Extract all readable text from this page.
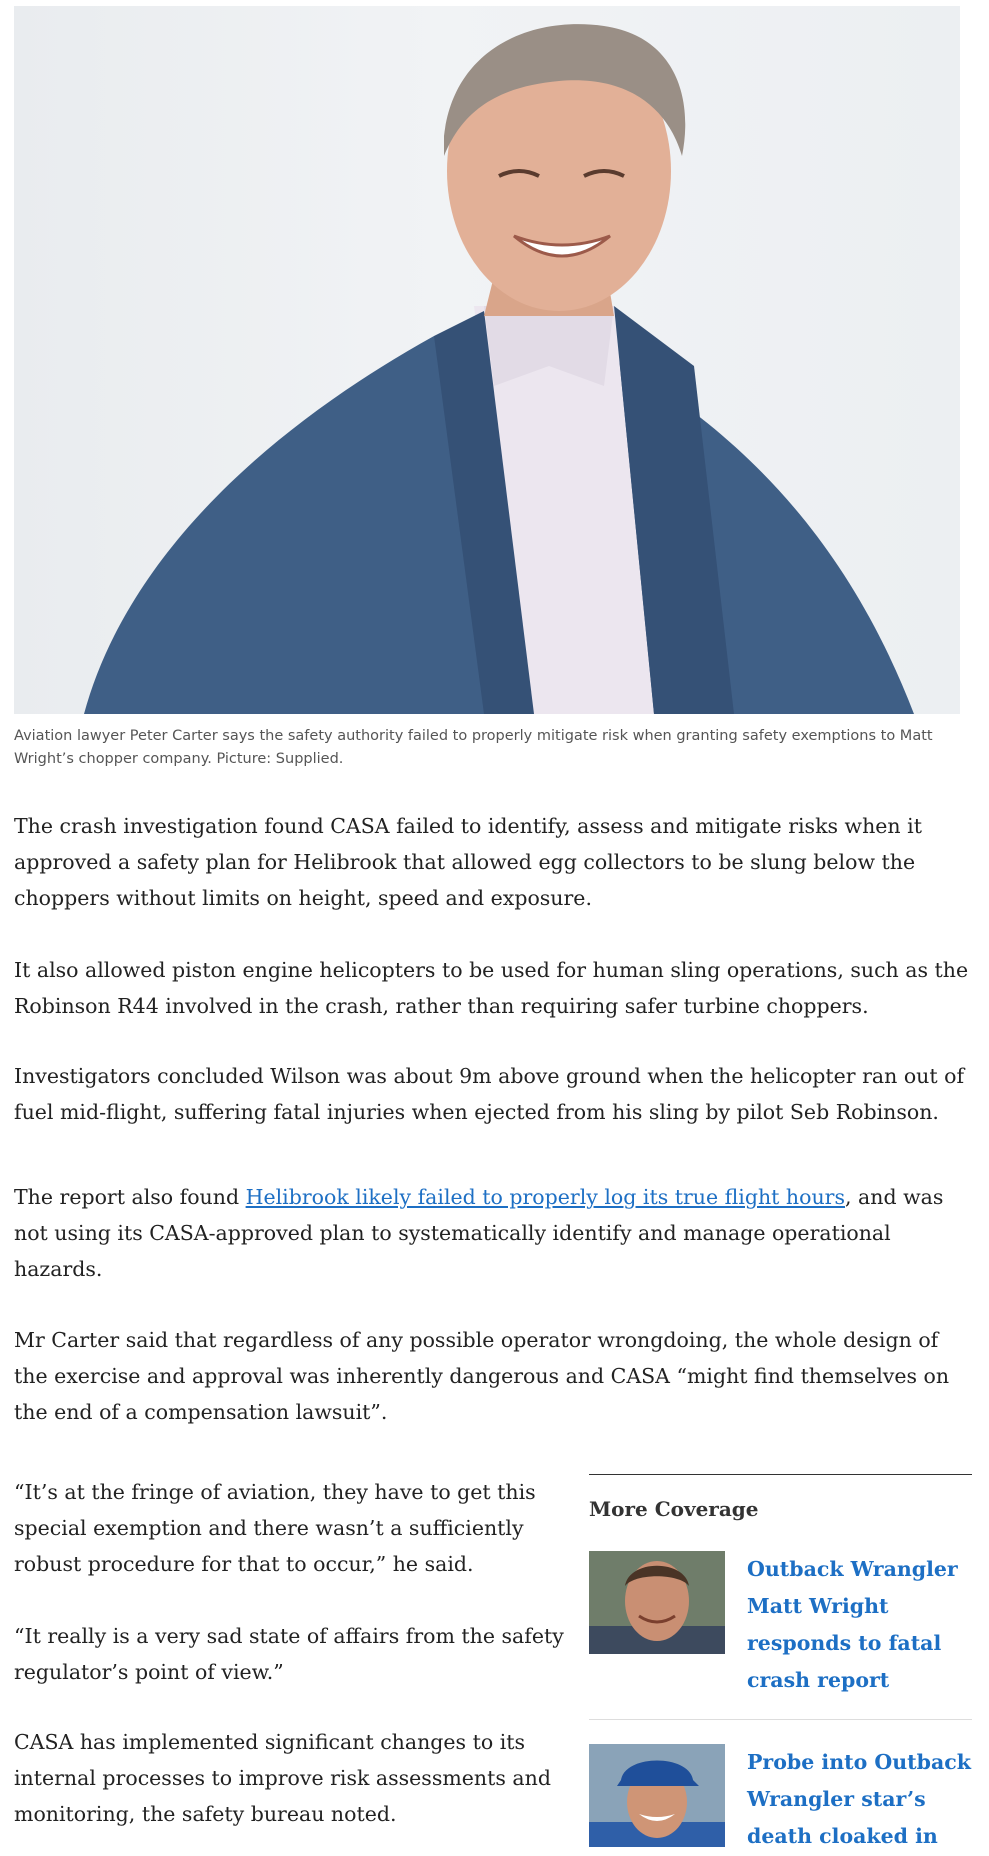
Aviation lawyer Peter Carter says the safety authority failed to properly mitigate risk when granting safety exemptions to Matt Wright’s chopper company. Picture: Supplied.

The crash investigation found CASA failed to identify, assess and mitigate risks when it approved a safety plan for Helibrook that allowed egg collectors to be slung below the choppers without limits on height, speed and exposure.

It also allowed piston engine helicopters to be used for human sling operations, such as the Robinson R44 involved in the crash, rather than requiring safer turbine choppers.

Investigators concluded Wilson was about 9m above ground when the helicopter ran out of fuel mid-flight, suffering fatal injuries when ejected from his sling by pilot Seb Robinson.

The report also found Helibrook likely failed to properly log its true flight hours, and was not using its CASA-approved plan to systematically identify and manage operational hazards.

Mr Carter said that regardless of any possible operator wrongdoing, the whole design of the exercise and approval was inherently dangerous and CASA “might find themselves on the end of a compensation lawsuit”.

“It’s at the fringe of aviation, they have to get this special exemption and there wasn’t a sufficiently robust procedure for that to occur,” he said.

“It really is a very sad state of affairs from the safety regulator’s point of view.”

CASA has implemented significant changes to its internal processes to improve risk assessments and monitoring, the safety bureau noted.

More Coverage
Outback Wrangler Matt Wright responds to fatal crash report
Probe into Outback Wrangler star’s death cloaked in
